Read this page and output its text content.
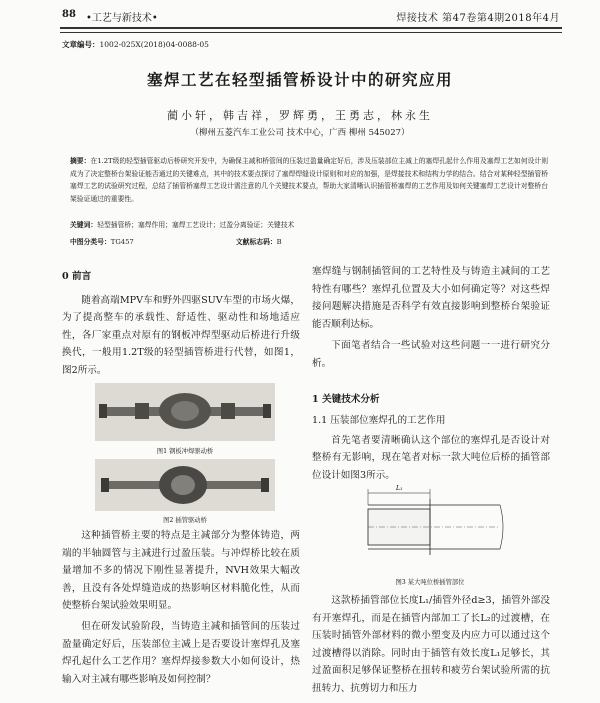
88 •工艺与新技术•	焊接技术 第47卷第4期2018年4月
文章编号：1002-025X(2018)04-0088-05
塞焊工艺在轻型插管桥设计中的研究应用
蔺小轩，韩吉祥，罗辉勇，王勇志，林永生
（柳州五菱汽车工业公司 技术中心，广西 柳州 545027）
摘要：在1.2T级的轻型插管驱动后桥研究开发中，为确保主减和桥管间的压装过盈量确定好后，涉及压装部位主减上的塞焊孔起什么作用及塞焊工艺如何设计则成为了决定整桥台架验证能否通过的关键难点，其中的技术要点探讨了塞焊焊缝设计原则和对应的加强，是焊接技术和结构力学的结合。结合对某种轻型插管桥塞焊工艺的试验研究过程，总结了插管桥塞焊工艺设计需注意的几个关键技术要点，帮助大家清晰认识插管桥塞焊的工艺作用及如何关键塞焊工艺设计对整桥台架验证通过的重要性。
关键词：轻型插管桥；塞焊作用；塞焊工艺设计；过盈分离验证；关键技术
中图分类号：TG457	文献标志码：B
0 前言

随着高端MPV车和野外四驱SUV车型的市场火爆，为了提高整车的承载性、舒适性、驱动性和场地适应性，各厂家重点对原有的钢板冲焊型驱动后桥进行升级换代，一般用1.2T级的轻型插管桥进行代替，如图1，图2所示。

图1 钢板冲焊驱动桥
图2 插管驱动桥

这种插管桥主要的特点是主减部分为整体铸造，两端的半轴圆管与主减进行过盈压装。与冲焊桥比较在质量增加不多的情况下刚性显著提升，NVH效果大幅改善，且没有各处焊缝造成的热影响区材料脆化性，从而使整桥台架试验效果明显。

但在研发试验阶段，当铸造主减和插管间的压装过盈量确定好后，压装部位主减上是否要设计塞焊孔及塞焊孔起什么工艺作用？塞焊焊接参数大小如何设计，热输入对主减有哪些影响及如何控制？

塞焊缝与钢制插管间的工艺特性及与铸造主减间的工艺特性有哪些？塞焊孔位置及大小如何确定等？对这些焊接问题解决措施是否科学有效直接影响到整桥台架验证能否顺利达标。

下面笔者结合一些试验对这些问题一一进行研究分析。

1 关键技术分析
1.1 压装部位塞焊孔的工艺作用

首先笔者要清晰确认这个部位的塞焊孔是否设计对整桥有无影响，现在笔者对标一款大吨位后桥的插管部位设计如图3所示。

L₁
图3 某大吨位桥插管部位

这款桥插管部位长度L₁/插管外径d≥3，插管外部没有开塞焊孔，而是在插管内部加工了长L₂的过渡槽，在压装时插管外部材料的微小塑变及内应力可以通过这个过渡槽得以消除。同时由于插管有效长度L₁足够长，其过盈面积足够保证整桥在扭转和疲劳台架试验所需的抗扭转力、抗剪切力和压力
